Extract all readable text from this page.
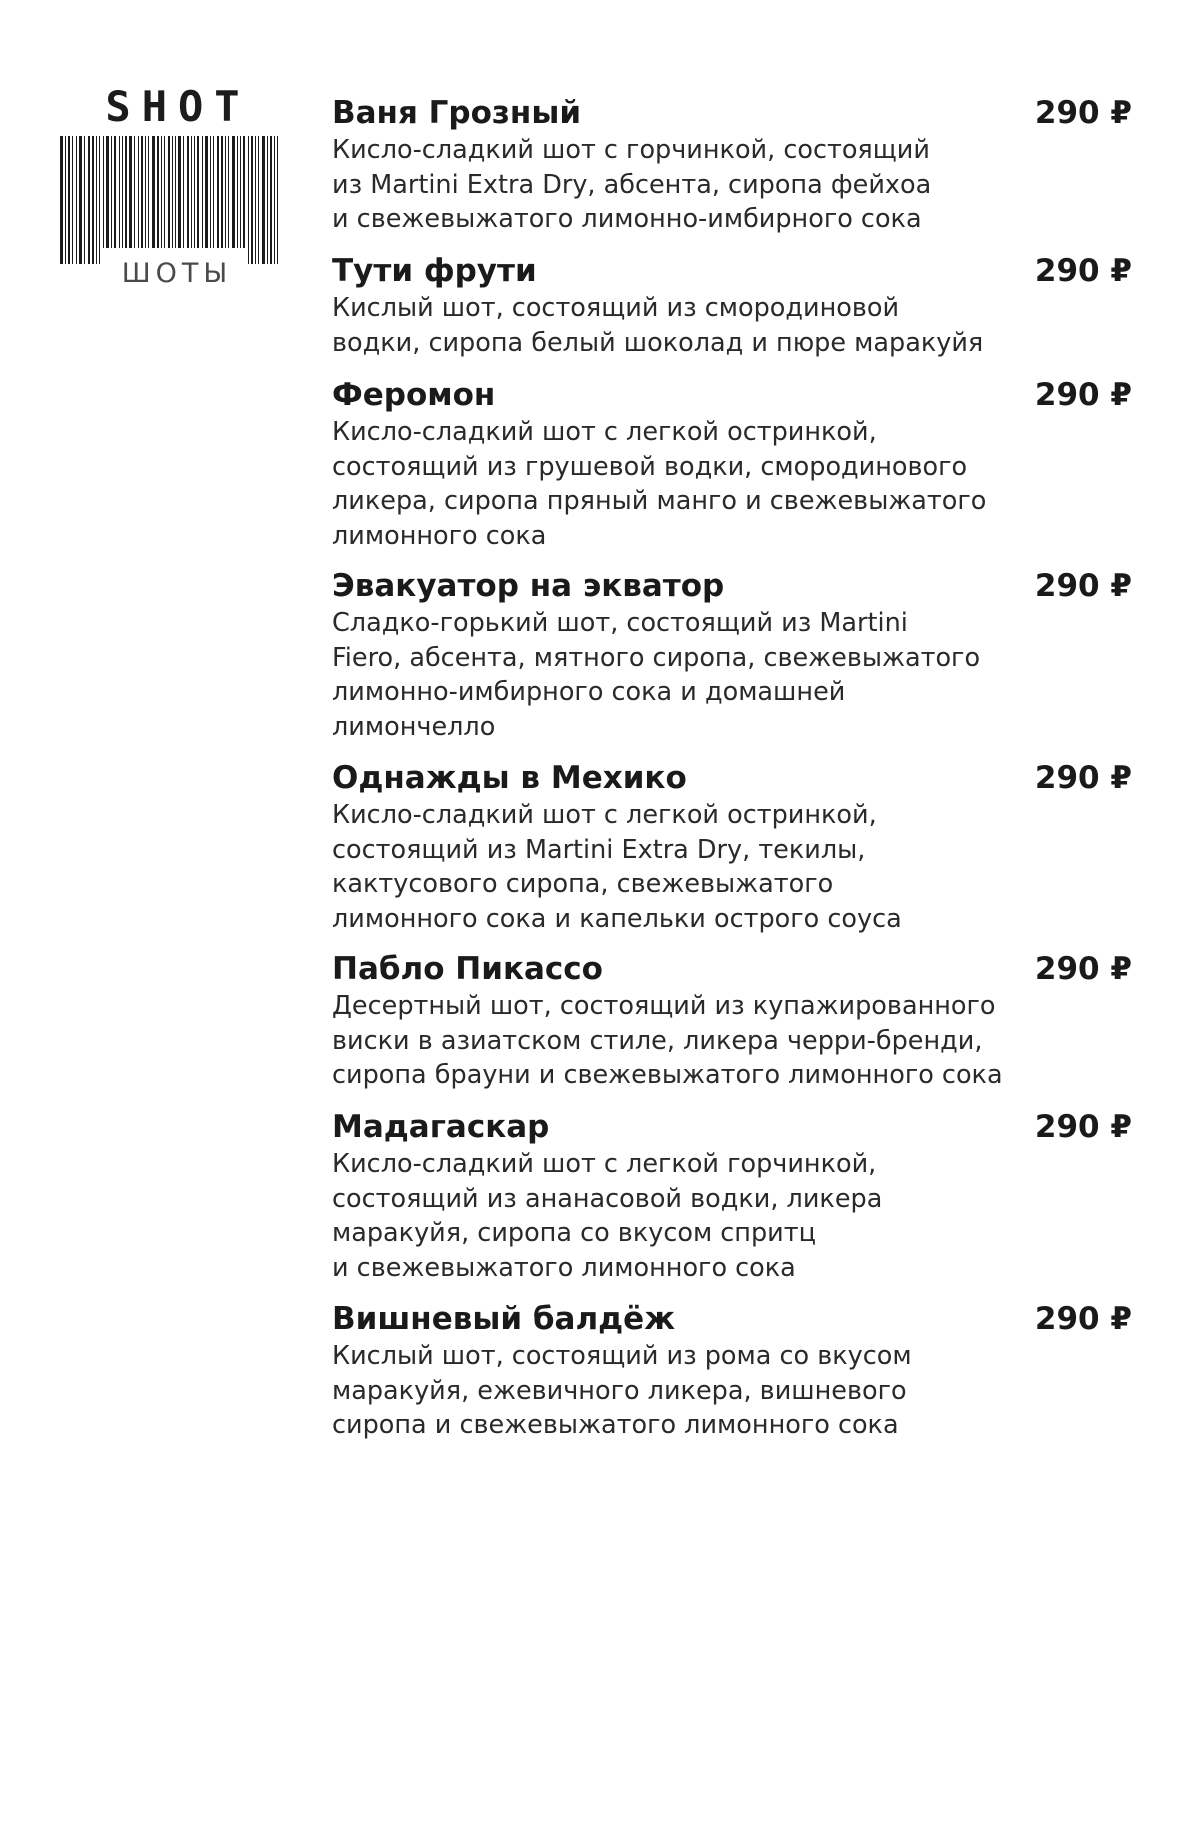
SHOT
ШОТЫ
Ваня Грозный	290 ₽
Кисло-сладкий шот с горчинкой, состоящий
из Martini Extra Dry, абсента, сиропа фейхоа
и свежевыжатого лимонно-имбирного сока
Тути фрути	290 ₽
Кислый шот, состоящий из смородиновой
водки, сиропа белый шоколад и пюре маракуйя
Феромон	290 ₽
Кисло-сладкий шот с легкой остринкой,
состоящий из грушевой водки, смородинового
ликера, сиропа пряный манго и свежевыжатого
лимонного сока
Эвакуатор на экватор	290 ₽
Сладко-горький шот, состоящий из Martini
Fiero, абсента, мятного сиропа, свежевыжатого
лимонно-имбирного сока и домашней
лимончелло
Однажды в Мехико	290 ₽
Кисло-сладкий шот с легкой остринкой,
состоящий из Martini Extra Dry, текилы,
кактусового сиропа, свежевыжатого
лимонного сока и капельки острого соуса
Пабло Пикассо	290 ₽
Десертный шот, состоящий из купажированного
виски в азиатском стиле, ликера черри-бренди,
сиропа брауни и свежевыжатого лимонного сока
Мадагаскар	290 ₽
Кисло-сладкий шот с легкой горчинкой,
состоящий из ананасовой водки, ликера
маракуйя, сиропа со вкусом спритц
и свежевыжатого лимонного сока
Вишневый балдёж	290 ₽
Кислый шот, состоящий из рома со вкусом
маракуйя, ежевичного ликера, вишневого
сиропа и свежевыжатого лимонного сока
